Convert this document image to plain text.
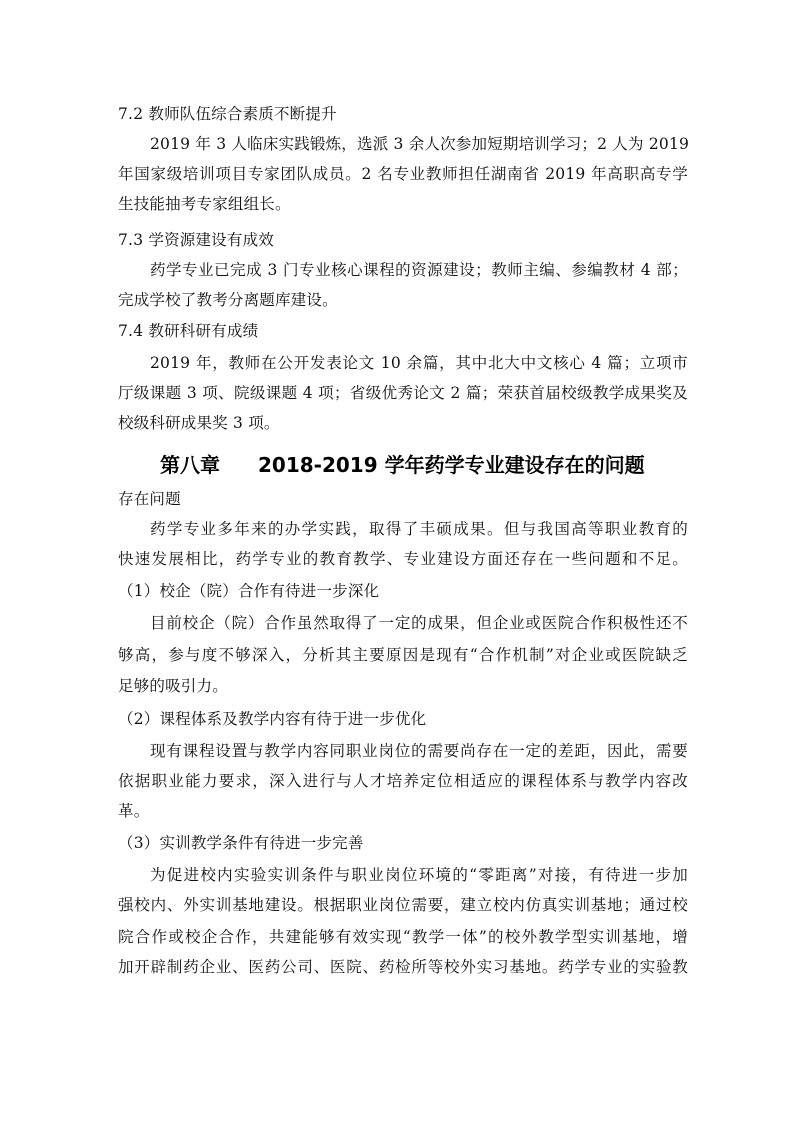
7.2 教师队伍综合素质不断提升
2019 年 3 人临床实践锻炼，选派 3 余人次参加短期培训学习；2 人为 2019
年国家级培训项目专家团队成员。2 名专业教师担任湖南省 2019 年高职高专学
生技能抽考专家组组长。
7.3 学资源建设有成效
药学专业已完成 3 门专业核心课程的资源建设；教师主编、参编教材 4 部；
完成学校了教考分离题库建设。
7.4 教研科研有成绩
2019 年，教师在公开发表论文 10 余篇，其中北大中文核心 4 篇；立项市
厅级课题 3 项、院级课题 4 项；省级优秀论文 2 篇；荣获首届校级教学成果奖及
校级科研成果奖 3 项。
第八章 2018-2019 学年药学专业建设存在的问题
存在问题
药学专业多年来的办学实践，取得了丰硕成果。但与我国高等职业教育的
快速发展相比，药学专业的教育教学、专业建设方面还存在一些问题和不足。
（1）校企（院）合作有待进一步深化
目前校企（院）合作虽然取得了一定的成果，但企业或医院合作积极性还不
够高，参与度不够深入，分析其主要原因是现有“合作机制”对企业或医院缺乏
足够的吸引力。
（2）课程体系及教学内容有待于进一步优化
现有课程设置与教学内容同职业岗位的需要尚存在一定的差距，因此，需要
依据职业能力要求，深入进行与人才培养定位相适应的课程体系与教学内容改
革。
（3）实训教学条件有待进一步完善
为促进校内实验实训条件与职业岗位环境的“零距离”对接，有待进一步加
强校内、外实训基地建设。根据职业岗位需要，建立校内仿真实训基地；通过校
院合作或校企合作，共建能够有效实现“教学一体”的校外教学型实训基地，增
加开辟制药企业、医药公司、医院、药检所等校外实习基地。药学专业的实验教
